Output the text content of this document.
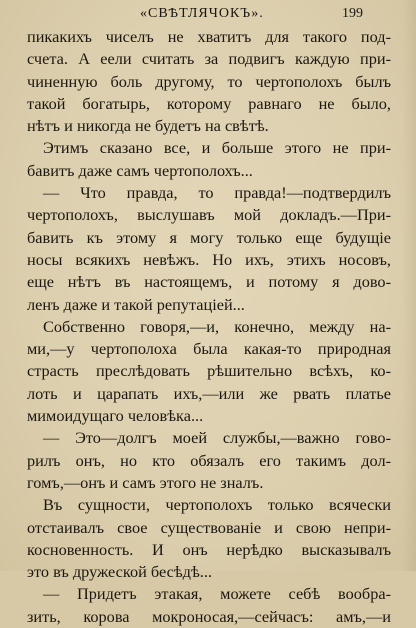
«СВѢТЛЯЧОКЪ».	199
пикакихъ чиселъ не хватитъ для такого под-
счета. А еели считать за подвигъ каждую при-
чиненную боль другому, то чертополохъ былъ
такой богатырь, которому равнаго не было,
нѣтъ и никогда не будетъ на свѣтѣ.
Этимъ сказано все, и больше этого не при-
бавитъ даже самъ чертополохъ...
— Что правда, то правда!—подтвердилъ
чертополохъ, выслушавъ мой докладъ.—При-
бавить къ этому я могу только еще будущіе
носы всякихъ невѣжъ. Но ихъ, этихъ носовъ,
еще нѣтъ въ настоящемъ, и потому я дово-
ленъ даже и такой репутаціей...
Собственно говоря,—и, конечно, между на-
ми,—у чертополоха была какая-то природная
страсть преслѣдовать рѣшительно всѣхъ, ко-
лоть и царапать ихъ,—или же рвать платье
мимоидущаго человѣка...
— Это—долгъ моей службы,—важно гово-
рилъ онъ, но кто обязалъ его такимъ дол-
гомъ,—онъ и самъ этого не зналъ.
Въ сущности, чертополохъ только всячески
отстаивалъ свое существованіе и свою непри-
косновенность. И онъ нерѣдко высказывалъ
это въ дружеской бесѣдѣ...
— Придетъ этакая, можете себѣ вообра-
зить, корова мокроносая,—сейчасъ: амъ,—и
